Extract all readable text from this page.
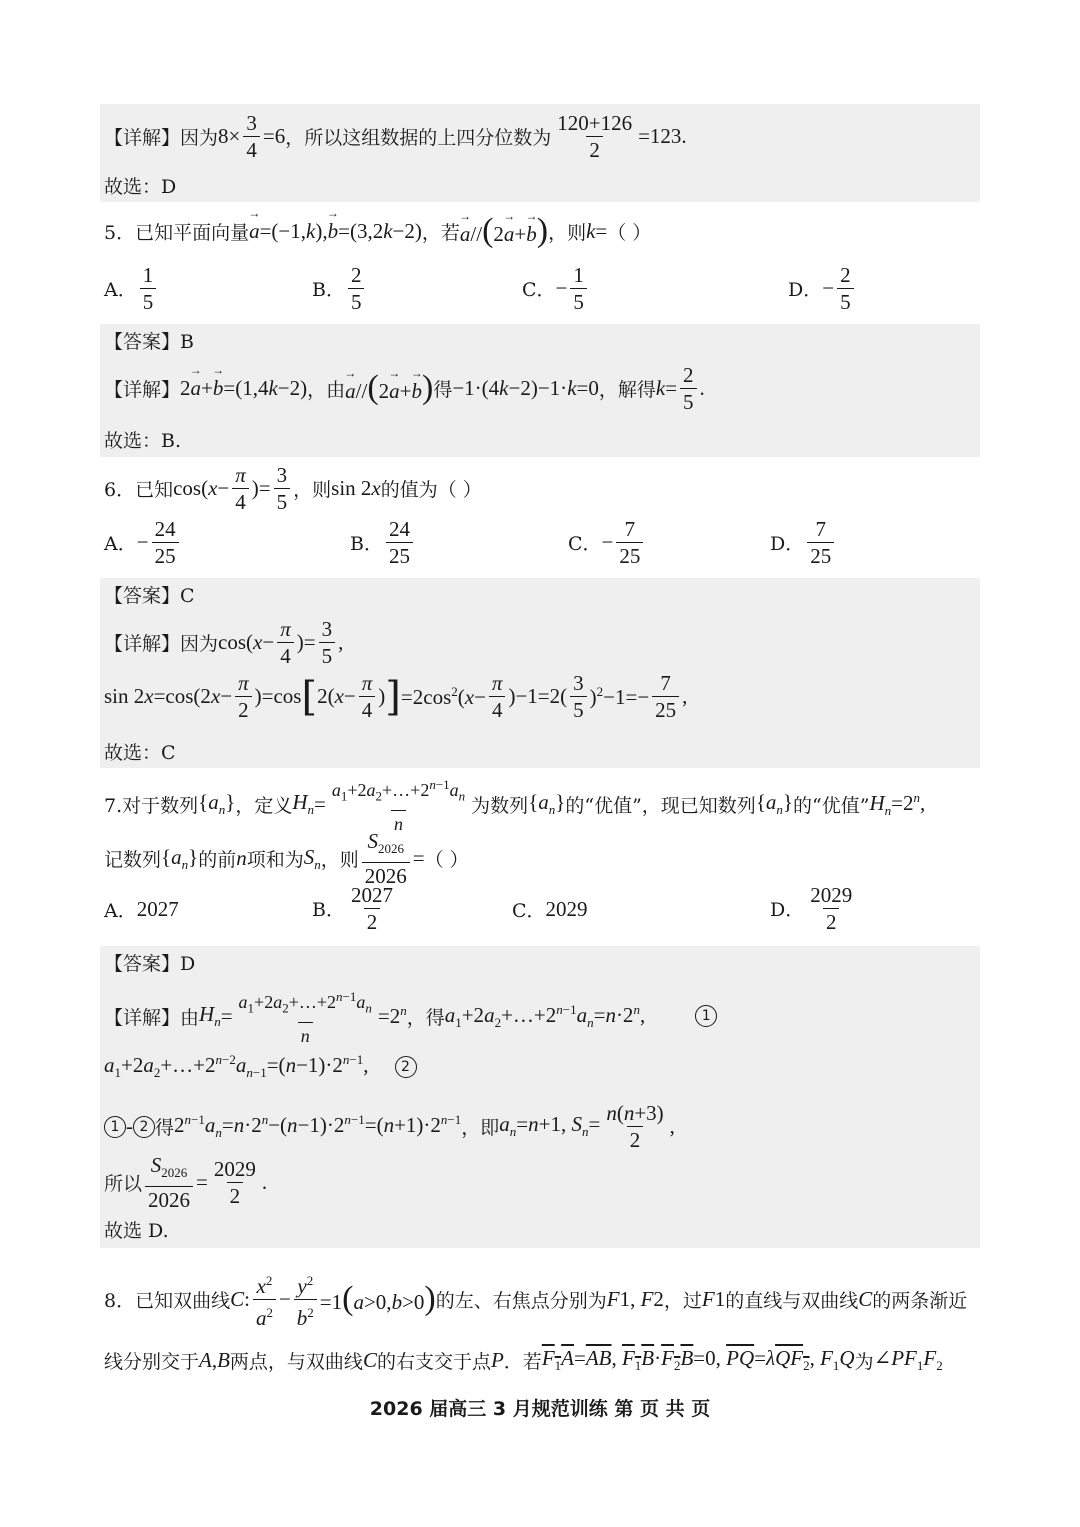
【详解】 因为 $8\times \frac{3}{4} =6$ ，所以这组数据的上四分位数为 $\frac{120+126}{2} =123$.
故选：D
5．已知平面向量 → a=(−1,k),→ b=(3,2k−2) ，若 → a//(2→ a+→ b) ，则 k = （ ）
A． $\frac{1}{5}$	B． $\frac{2}{5}$	C． − $\frac{1}{5}$	D． − $\frac{2}{5}$
【答案】B
【详解】 2→ a+→ b=(1,4k−2) ，由 → a//(2→ a+→ b) 得 −1·(4k−2)−1·k=0 ，解得 $k = \frac{2}{5}$ .
故选：B.
6．已知 $\cos(x- \frac{\pi}{4}$ )= $\frac{3}{5}$ ，则 sin 2x 的值为（ ）
A． − $\frac{24}{25}$	B． $\frac{24}{25}$	C． − $\frac{7}{25}$	D． $\frac{7}{25}$
【答案】C
【详解】 因为 $\cos(x- \frac{\pi}{4}$ )= $\frac{3}{5}$ ,
$\sin 2x=\cos(2x- \frac{\pi}{2} )=\cos$ [ $2(x- \frac{\pi}{4}$ ) ] $=2\cos^2(x- \frac{\pi}{4} )-1=2( \frac{3}{5} )^2-1=- \frac{7}{25}$ ,
故选：C
7.对于数列 $\{a_n\}$ ，定义 $H_n = \frac{a_1+2a_2+\dots+2^{n-1}a_n}{n}$ 为数列 $\{a_n\}$ 的“优值”，现已知数列 $\{a_n\}$ 的“优值” $H_n=2^n$,
记数列 $\{a_n\}$ 的前 n 项和为 $S_n$ ，则 $\frac{S_{2026}}{2026}$ = （ ）
A． 2027	B． $\frac{2027}{2}$	C． 2029	D． $\frac{2029}{2}$
【答案】D
【详解】 由 $H_n = \frac{a_1+2a_2+\dots+2^{n-1}a_n}{n} =2^n$ ，得 $a_1+2a_2+\dots+2^{n-1}a_n=n\cdot 2^n$,	1
$a_1+2a_2+\dots+2^{n-2}a_{n-1}=(n-1)\cdot 2^{n-1}$,	2
1 - 2 得 $2^{n-1}a_n=n\cdot 2^n-(n-1)\cdot 2^{n-1}=(n+1)\cdot 2^{n-1}$ ，即 $a_n=n+1$, $S_n= \frac{n(n+3)}{2}$ ,
所以 $\frac{S_{2026}}{2026} = \frac{2029}{2}$ .
故选 D.
8．已知双曲线 C : $\frac{x^2}{a^2} - \frac{y^2}{b^2} =1(a>0,b>0)$ 的左、右焦点分别为 F 1 , F 2 ，过 F 1 的直线与双曲线 C 的两条渐近
线分别交于 A , B 两点，与双曲线 C 的右支交于点 P ．若 $F_1A=\overline{AB}$, $F_1B\cdot F_2B=0$, $\overline{PQ}=\lambda QF_2$, $F_1Q$ 为 $\angle PF_1F_2$
2026 届高三 3 月规范训练 第 页 共 页
